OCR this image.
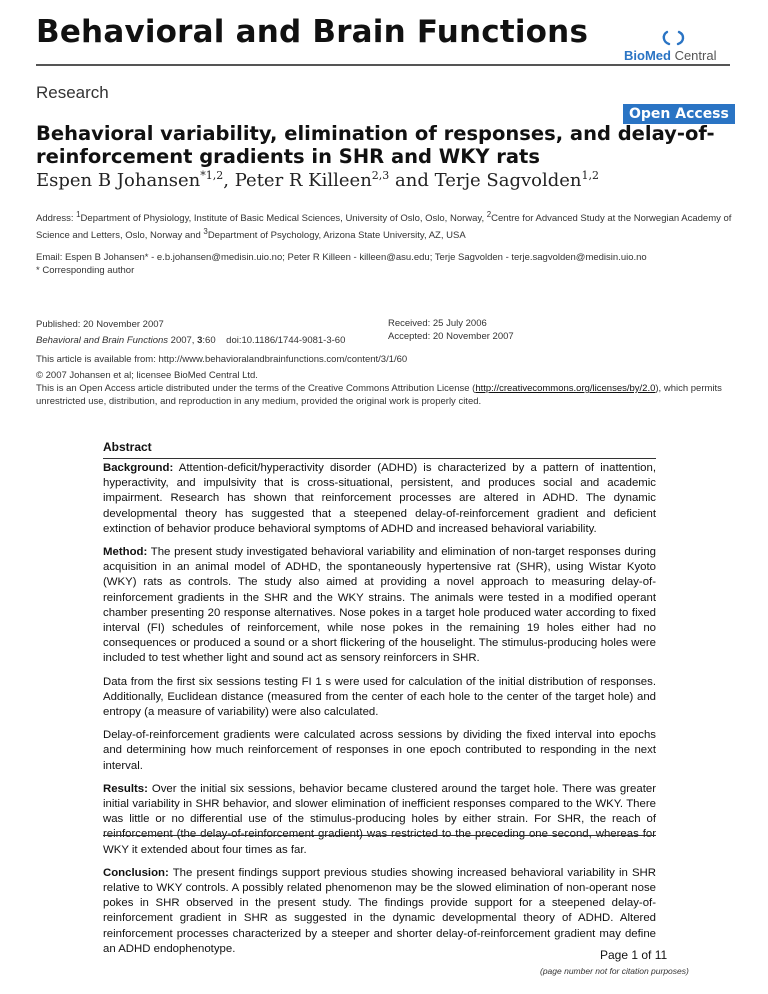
Behavioral and Brain Functions
BioMed Central
Research
Open Access
Behavioral variability, elimination of responses, and delay-of-reinforcement gradients in SHR and WKY rats
Espen B Johansen$^{*1,2}$, Peter R Killeen$^{2,3}$ and Terje Sagvolden$^{1,2}$
Address: $^1$Department of Physiology, Institute of Basic Medical Sciences, University of Oslo, Oslo, Norway, $^2$Centre for Advanced Study at the Norwegian Academy of Science and Letters, Oslo, Norway and $^3$Department of Psychology, Arizona State University, AZ, USA
Email: Espen B Johansen* - e.b.johansen@medisin.uio.no; Peter R Killeen - killeen@asu.edu; Terje Sagvolden - terje.sagvolden@medisin.uio.no
* Corresponding author
Published: 20 November 2007
Behavioral and Brain Functions 2007, 3:60    doi:10.1186/1744-9081-3-60
Received: 25 July 2006
Accepted: 20 November 2007
This article is available from: http://www.behavioralandbrainfunctions.com/content/3/1/60
© 2007 Johansen et al; licensee BioMed Central Ltd.
This is an Open Access article distributed under the terms of the Creative Commons Attribution License (http://creativecommons.org/licenses/by/2.0), which permits unrestricted use, distribution, and reproduction in any medium, provided the original work is properly cited.
Abstract

Background: Attention-deficit/hyperactivity disorder (ADHD) is characterized by a pattern of inattention, hyperactivity, and impulsivity that is cross-situational, persistent, and produces social and academic impairment. Research has shown that reinforcement processes are altered in ADHD. The dynamic developmental theory has suggested that a steepened delay-of-reinforcement gradient and deficient extinction of behavior produce behavioral symptoms of ADHD and increased behavioral variability.

Method: The present study investigated behavioral variability and elimination of non-target responses during acquisition in an animal model of ADHD, the spontaneously hypertensive rat (SHR), using Wistar Kyoto (WKY) rats as controls. The study also aimed at providing a novel approach to measuring delay-of-reinforcement gradients in the SHR and the WKY strains. The animals were tested in a modified operant chamber presenting 20 response alternatives. Nose pokes in a target hole produced water according to fixed interval (FI) schedules of reinforcement, while nose pokes in the remaining 19 holes either had no consequences or produced a sound or a short flickering of the houselight. The stimulus-producing holes were included to test whether light and sound act as sensory reinforcers in SHR.

Data from the first six sessions testing FI 1 s were used for calculation of the initial distribution of responses. Additionally, Euclidean distance (measured from the center of each hole to the center of the target hole) and entropy (a measure of variability) were also calculated.

Delay-of-reinforcement gradients were calculated across sessions by dividing the fixed interval into epochs and determining how much reinforcement of responses in one epoch contributed to responding in the next interval.

Results: Over the initial six sessions, behavior became clustered around the target hole. There was greater initial variability in SHR behavior, and slower elimination of inefficient responses compared to the WKY. There was little or no differential use of the stimulus-producing holes by either strain. For SHR, the reach of reinforcement (the delay-of-reinforcement gradient) was restricted to the preceding one second, whereas for WKY it extended about four times as far.

Conclusion: The present findings support previous studies showing increased behavioral variability in SHR relative to WKY controls. A possibly related phenomenon may be the slowed elimination of non-operant nose pokes in SHR observed in the present study. The findings provide support for a steepened delay-of-reinforcement gradient in SHR as suggested in the dynamic developmental theory of ADHD. Altered reinforcement processes characterized by a steeper and shorter delay-of-reinforcement gradient may define an ADHD endophenotype.	Page 1 of 11
(page number not for citation purposes)
